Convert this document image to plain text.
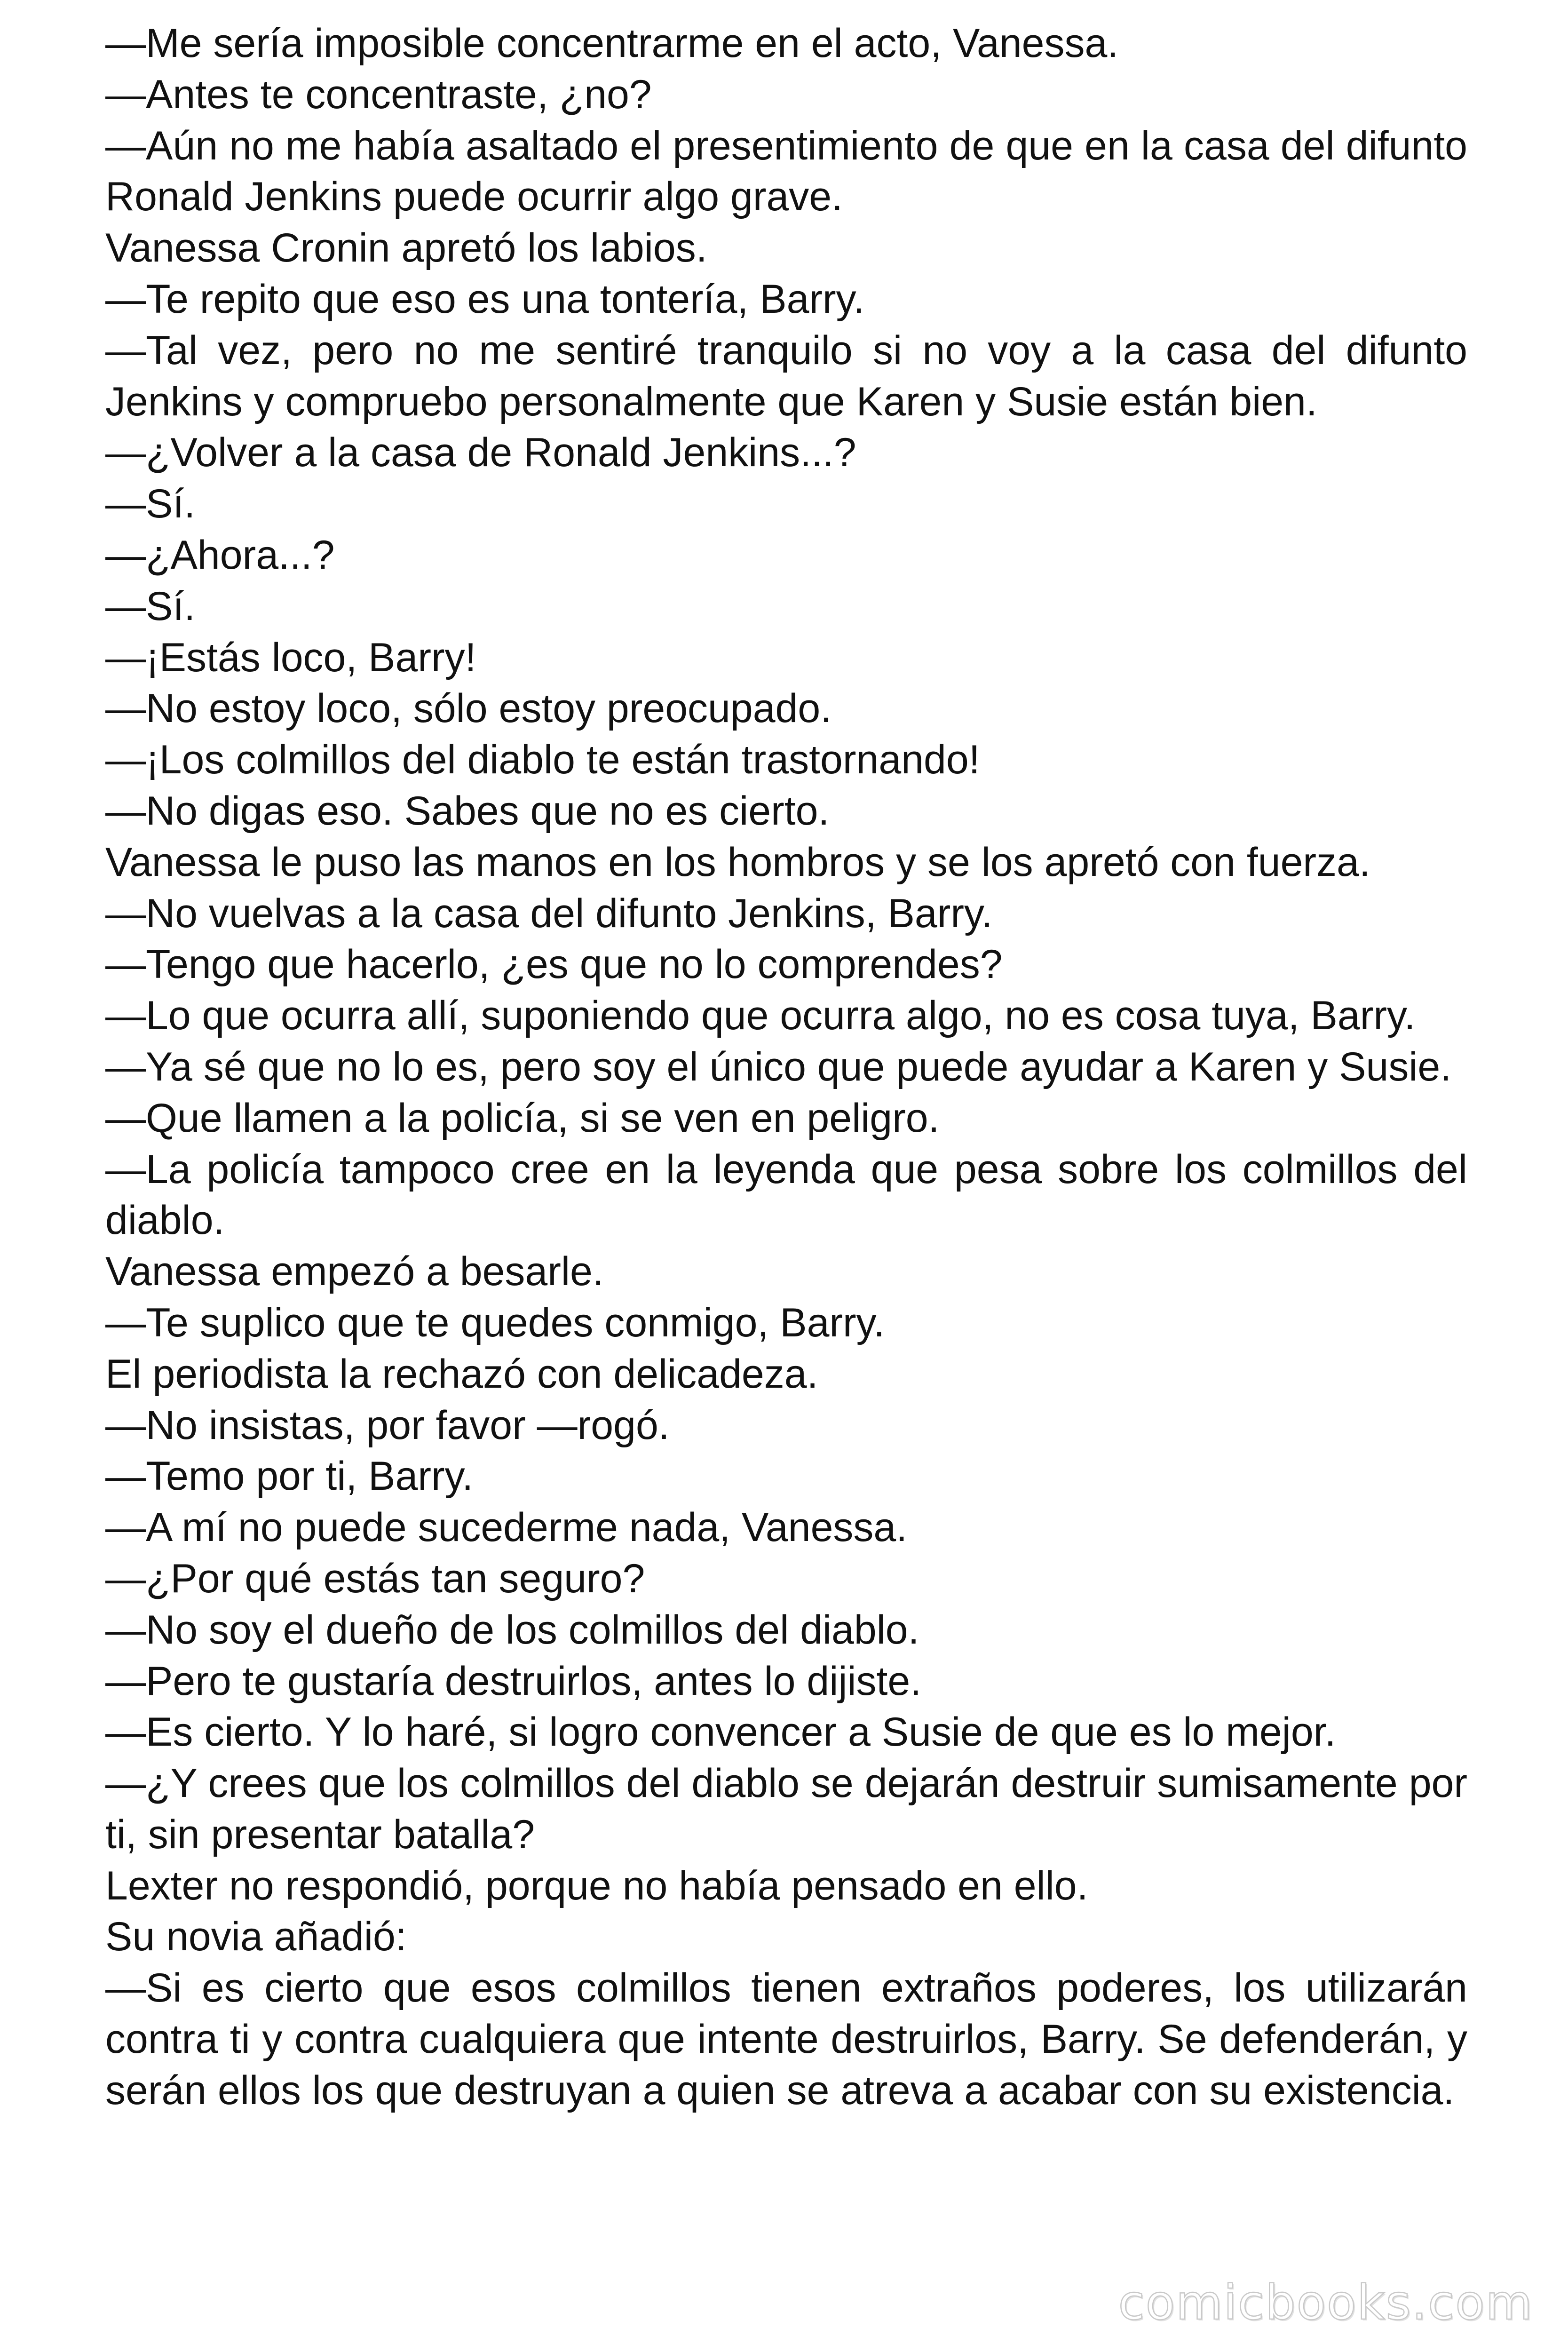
—Me sería imposible concentrarme en el acto, Vanessa.

—Antes te concentraste, ¿no?

—Aún no me había asaltado el presentimiento de que en la casa del difunto Ronald Jenkins puede ocurrir algo grave.

Vanessa Cronin apretó los labios.

—Te repito que eso es una tontería, Barry.

—Tal vez, pero no me sentiré tranquilo si no voy a la casa del difunto Jenkins y compruebo personalmente que Karen y Susie están bien.

—¿Volver a la casa de Ronald Jenkins...?

—Sí.

—¿Ahora...?

—Sí.

—¡Estás loco, Barry!

—No estoy loco, sólo estoy preocupado.

—¡Los colmillos del diablo te están trastornando!

—No digas eso. Sabes que no es cierto.

Vanessa le puso las manos en los hombros y se los apretó con fuerza.

—No vuelvas a la casa del difunto Jenkins, Barry.

—Tengo que hacerlo, ¿es que no lo comprendes?

—Lo que ocurra allí, suponiendo que ocurra algo, no es cosa tuya, Barry.

—Ya sé que no lo es, pero soy el único que puede ayudar a Karen y Susie.

—Que llamen a la policía, si se ven en peligro.

—La policía tampoco cree en la leyenda que pesa sobre los colmillos del diablo.

Vanessa empezó a besarle.

—Te suplico que te quedes conmigo, Barry.

El periodista la rechazó con delicadeza.

—No insistas, por favor —rogó.

—Temo por ti, Barry.

—A mí no puede sucederme nada, Vanessa.

—¿Por qué estás tan seguro?

—No soy el dueño de los colmillos del diablo.

—Pero te gustaría destruirlos, antes lo dijiste.

—Es cierto. Y lo haré, si logro convencer a Susie de que es lo mejor.

—¿Y crees que los colmillos del diablo se dejarán destruir sumisamente por ti, sin presentar batalla?

Lexter no respondió, porque no había pensado en ello.

Su novia añadió:

—Si es cierto que esos colmillos tienen extraños poderes, los utilizarán contra ti y contra cualquiera que intente destruirlos, Barry. Se defenderán, y serán ellos los que destruyan a quien se atreva a acabar con su existencia.

comicbooks.com
